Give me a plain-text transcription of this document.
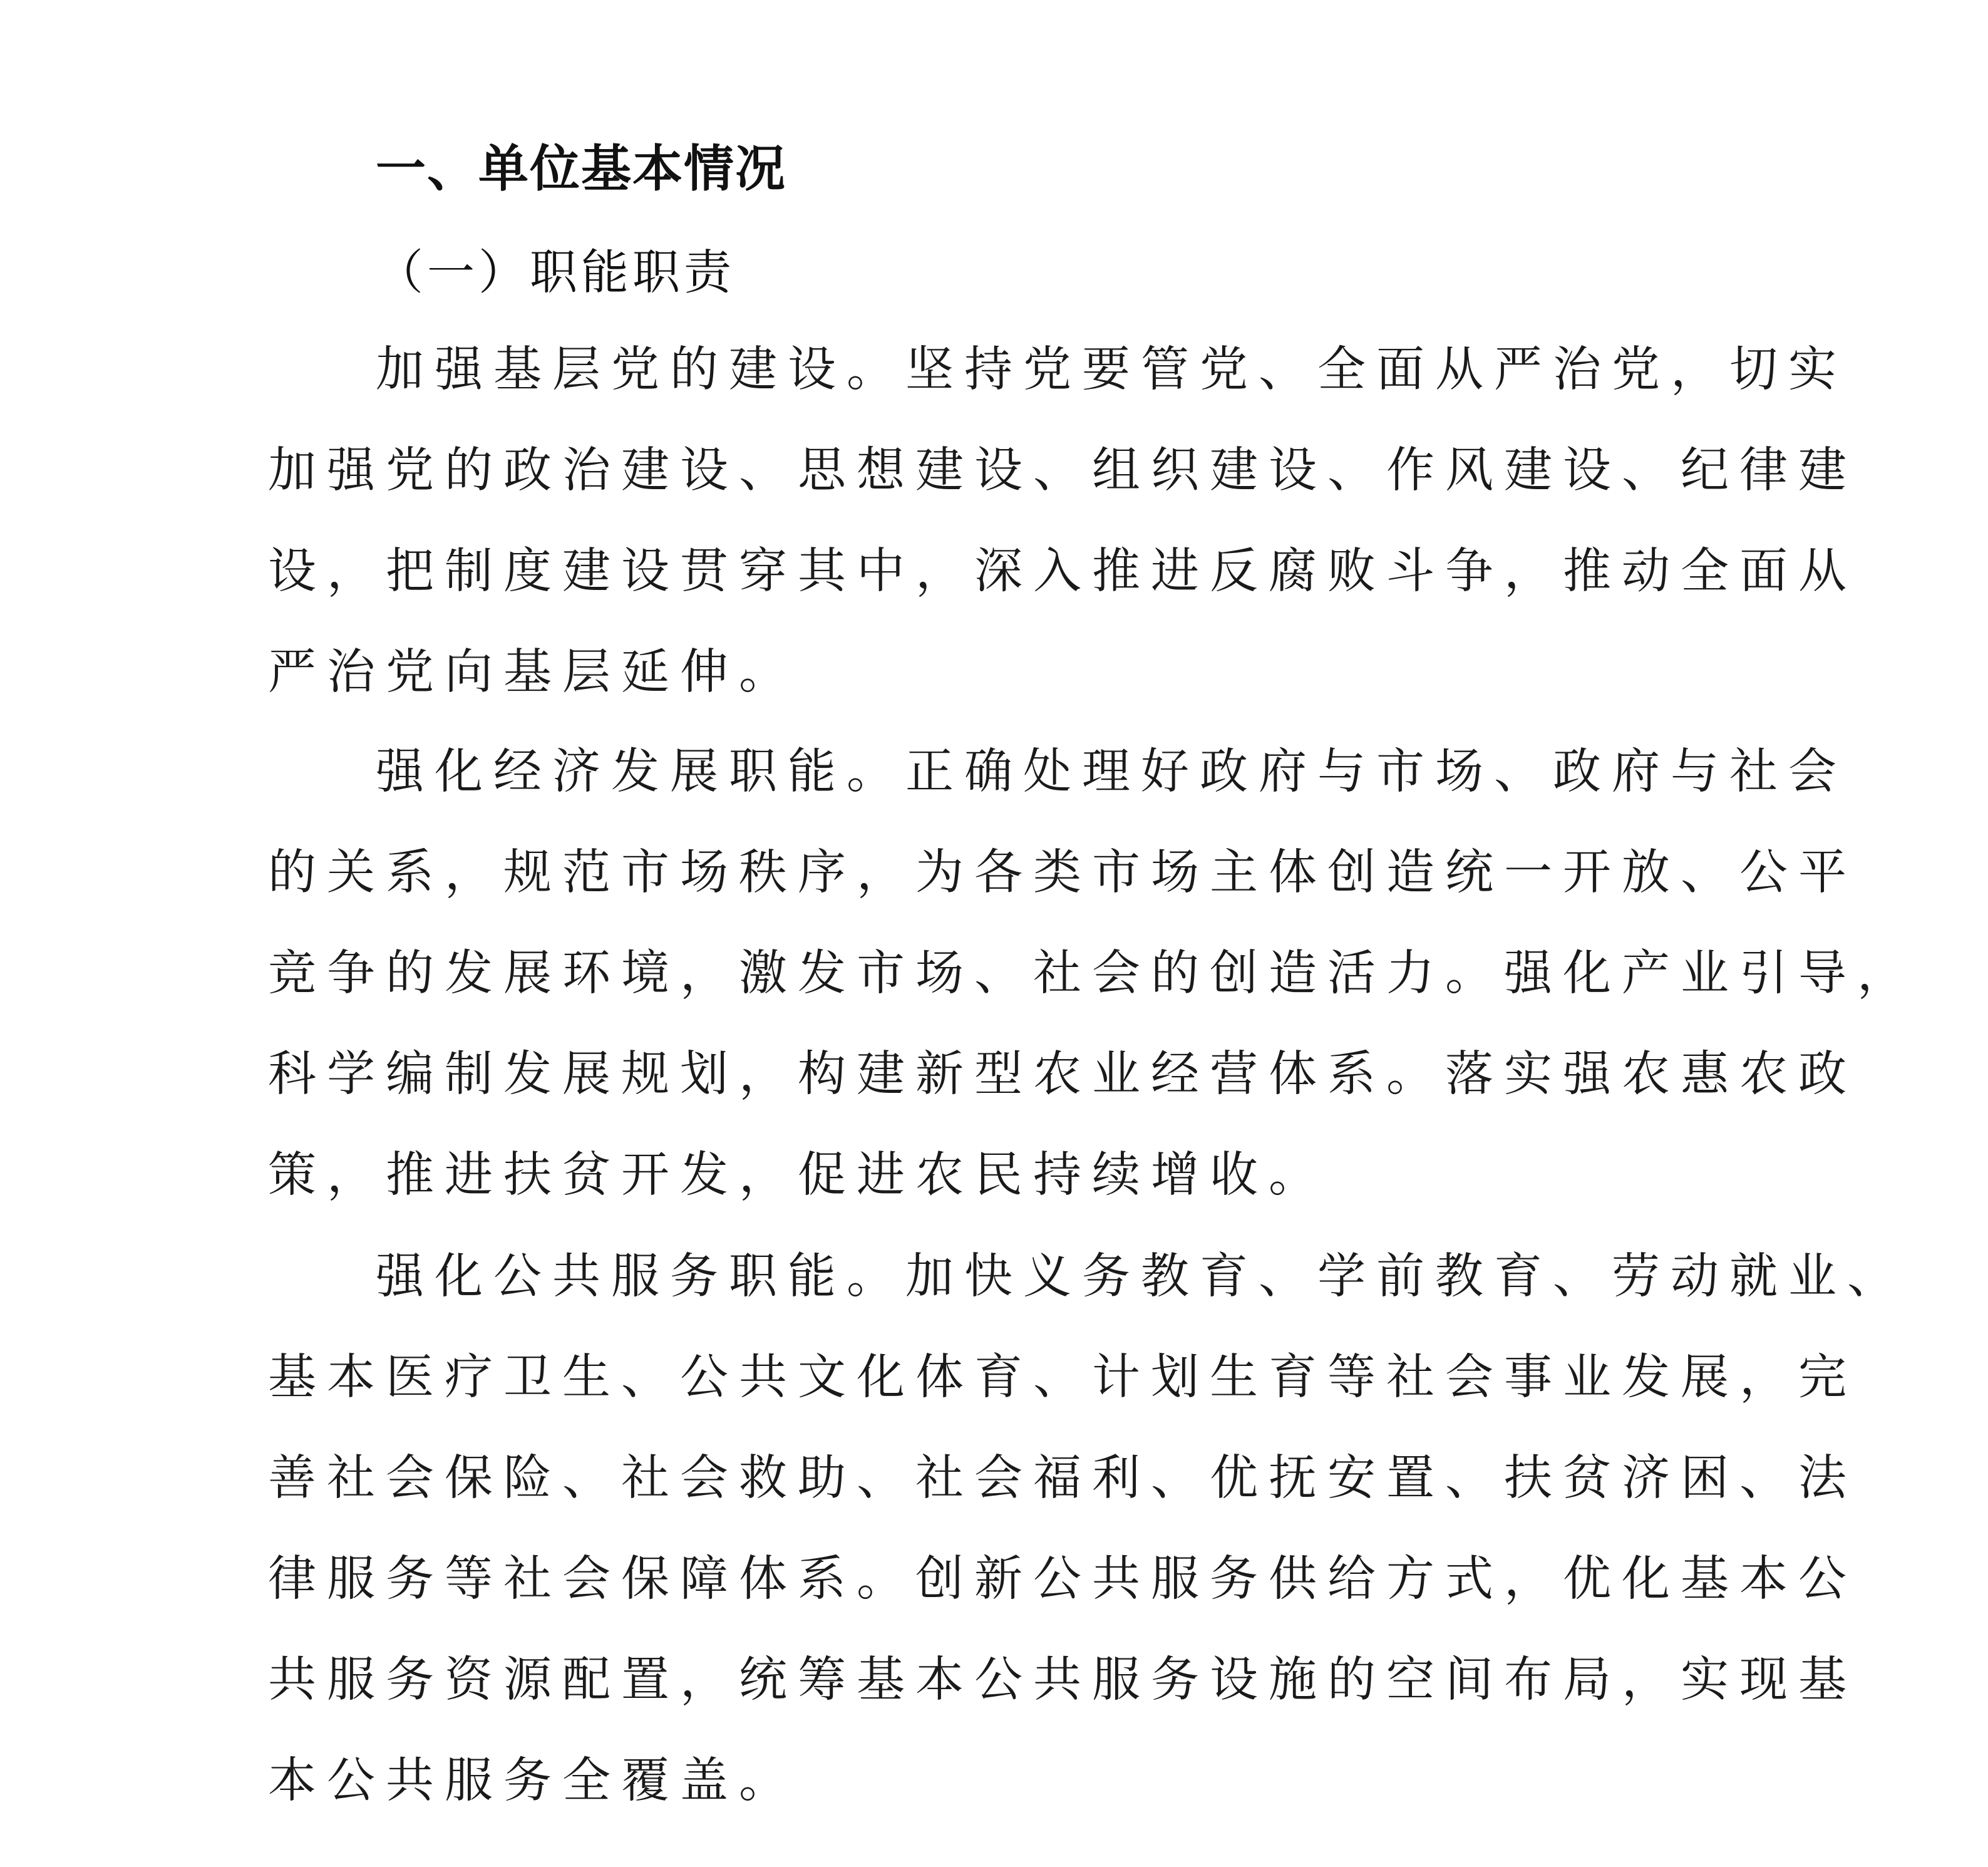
一、单位基本情况
（一）职能职责
加强基层党的建设。坚持党要管党、全面从严治党，切实
加强党的政治建设、思想建设、组织建设、作风建设、纪律建
设，把制度建设贯穿其中，深入推进反腐败斗争，推动全面从
严治党向基层延伸。
强化经济发展职能。正确处理好政府与市场、政府与社会
的关系，规范市场秩序，为各类市场主体创造统一开放、公平
竞争的发展环境，激发市场、社会的创造活力。强化产业引导，
科学编制发展规划，构建新型农业经营体系。落实强农惠农政
策，推进扶贫开发，促进农民持续增收。
强化公共服务职能。加快义务教育、学前教育、劳动就业、
基本医疗卫生、公共文化体育、计划生育等社会事业发展，完
善社会保险、社会救助、社会福利、优抚安置、扶贫济困、法
律服务等社会保障体系。创新公共服务供给方式，优化基本公
共服务资源配置，统筹基本公共服务设施的空间布局，实现基
本公共服务全覆盖。
